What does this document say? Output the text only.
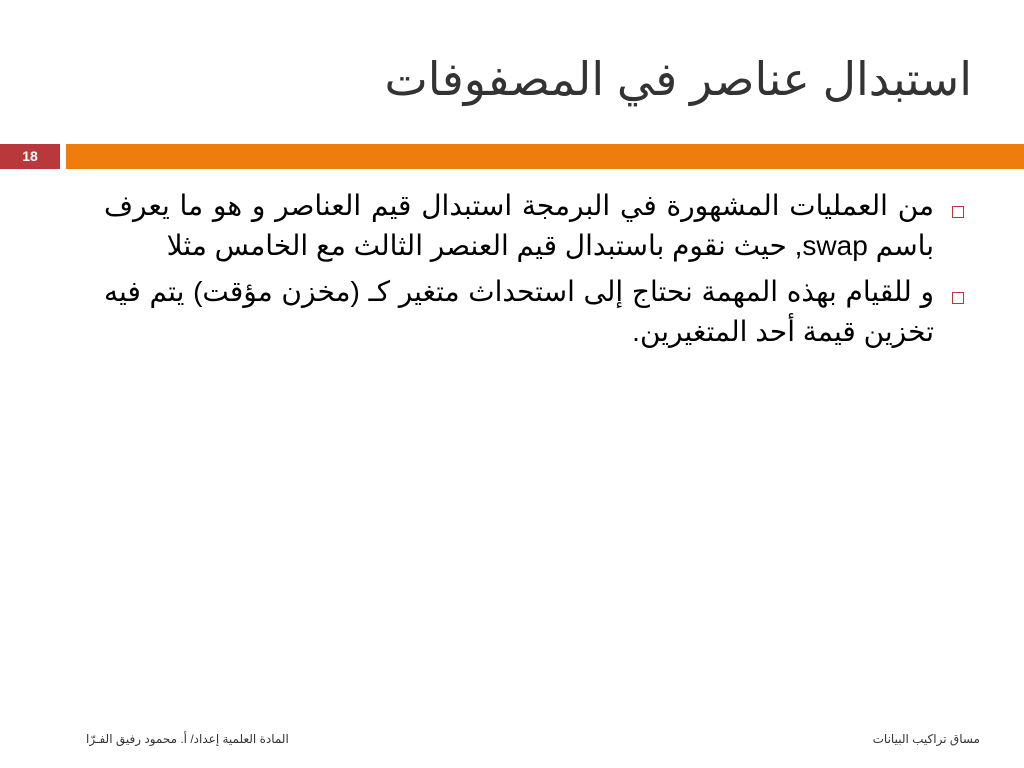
استبدال عناصر في المصفوفات
18
من العمليات المشهورة في البرمجة استبدال قيم العناصر و هو ما يعرف باسم swap, حيث نقوم باستبدال قيم العنصر الثالث مع الخامس مثلا
و للقيام بهذه المهمة نحتاج إلى استحداث متغير كـ (مخزن مؤقت) يتم فيه تخزين قيمة أحد المتغيرين.
المادة العلمية إعداد/ أ. محمود رفيق الفـرّا	مساق تراكيب البيانات
